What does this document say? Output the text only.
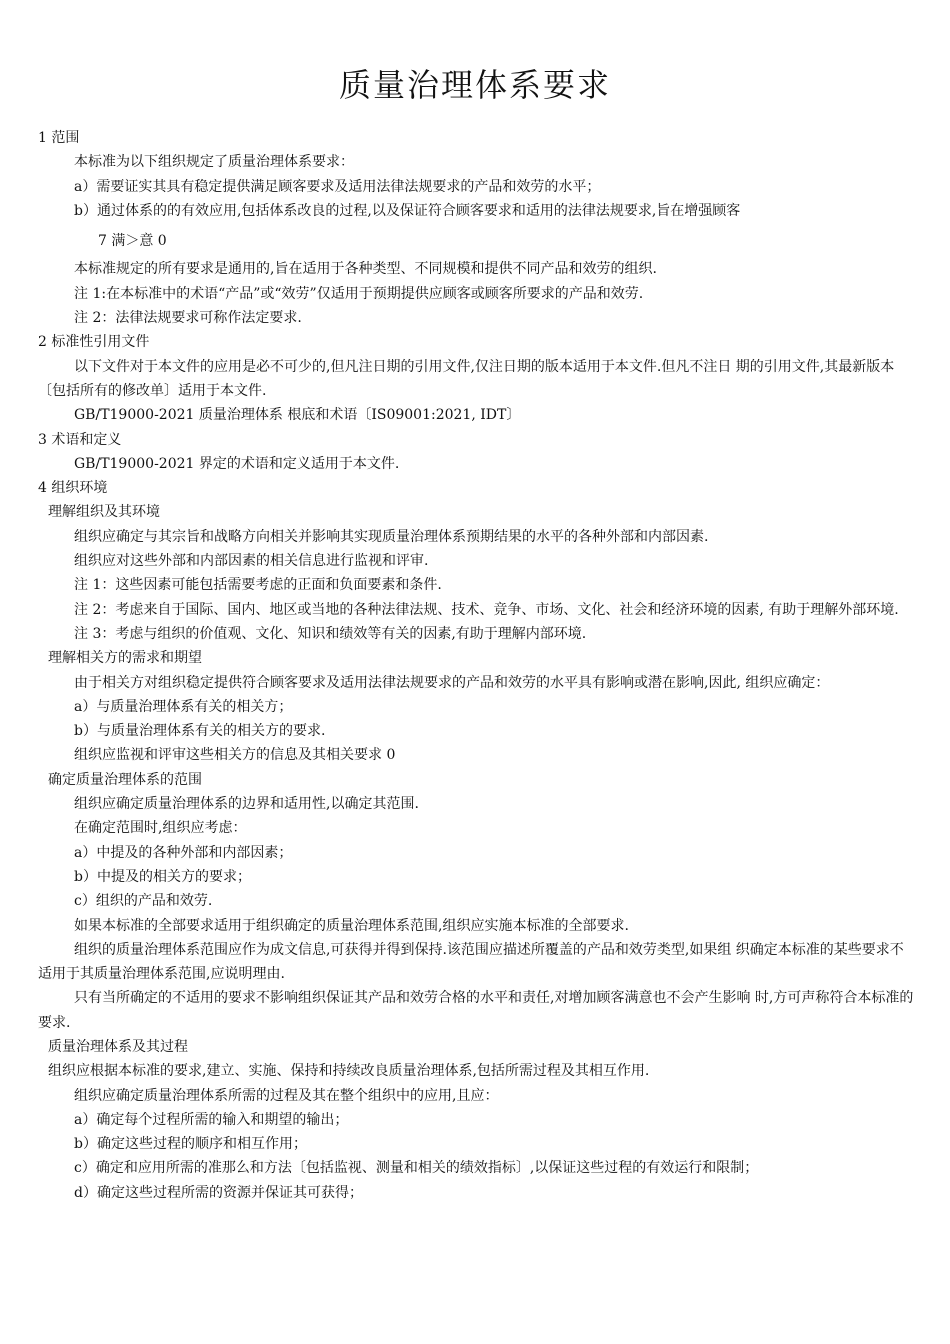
质量治理体系要求

1 范围

本标准为以下组织规定了质量治理体系要求：

a）需要证实其具有稳定提供满足顾客要求及适用法律法规要求的产品和效劳的水平；

b）通过体系的的有效应用,包括体系改良的过程,以及保证符合顾客要求和适用的法律法规要求,旨在增强顾客

7 满＞意 0

本标准规定的所有要求是通用的,旨在适用于各种类型、不同规模和提供不同产品和效劳的组织.

注 1:在本标准中的术语“产品”或“效劳”仅适用于预期提供应顾客或顾客所要求的产品和效劳.

注 2：法律法规要求可称作法定要求.

2 标准性引用文件

以下文件对于本文件的应用是必不可少的,但凡注日期的引用文件,仅注日期的版本适用于本文件.但凡不注日 期的引用文件,其最新版本〔包括所有的修改单〕适用于本文件.

GB/T19000-2021 质量治理体系 根底和术语〔IS09001:2021, IDT〕

3 术语和定义

GB/T19000-2021 界定的术语和定义适用于本文件.

4 组织环境

理解组织及其环境

组织应确定与其宗旨和战略方向相关并影响其实现质量治理体系预期结果的水平的各种外部和内部因素.

组织应对这些外部和内部因素的相关信息进行监视和评审.

注 1：这些因素可能包括需要考虑的正面和负面要素和条件.

注 2：考虑来自于国际、国内、地区或当地的各种法律法规、技术、竞争、市场、文化、社会和经济环境的因素, 有助于理解外部环境.

注 3：考虑与组织的价值观、文化、知识和绩效等有关的因素,有助于理解内部环境.

理解相关方的需求和期望

由于相关方对组织稳定提供符合顾客要求及适用法律法规要求的产品和效劳的水平具有影响或潜在影响,因此, 组织应确定：

a）与质量治理体系有关的相关方；

b）与质量治理体系有关的相关方的要求.

组织应监视和评审这些相关方的信息及其相关要求 0

确定质量治理体系的范围

组织应确定质量治理体系的边界和适用性,以确定其范围.

在确定范围时,组织应考虑：

a）中提及的各种外部和内部因素；

b）中提及的相关方的要求；

c）组织的产品和效劳.

如果本标准的全部要求适用于组织确定的质量治理体系范围,组织应实施本标准的全部要求.

组织的质量治理体系范围应作为成文信息,可获得并得到保持.该范围应描述所覆盖的产品和效劳类型,如果组 织确定本标准的某些要求不适用于其质量治理体系范围,应说明理由.

只有当所确定的不适用的要求不影响组织保证其产品和效劳合格的水平和责任,对增加顾客满意也不会产生影响 时,方可声称符合本标准的要求.

质量治理体系及其过程

组织应根据本标准的要求,建立、实施、保持和持续改良质量治理体系,包括所需过程及其相互作用.

组织应确定质量治理体系所需的过程及其在整个组织中的应用,且应：

a）确定每个过程所需的输入和期望的输出；

b）确定这些过程的顺序和相互作用；

c）确定和应用所需的准那么和方法〔包括监视、测量和相关的绩效指标〕,以保证这些过程的有效运行和限制；

d）确定这些过程所需的资源并保证其可获得；
